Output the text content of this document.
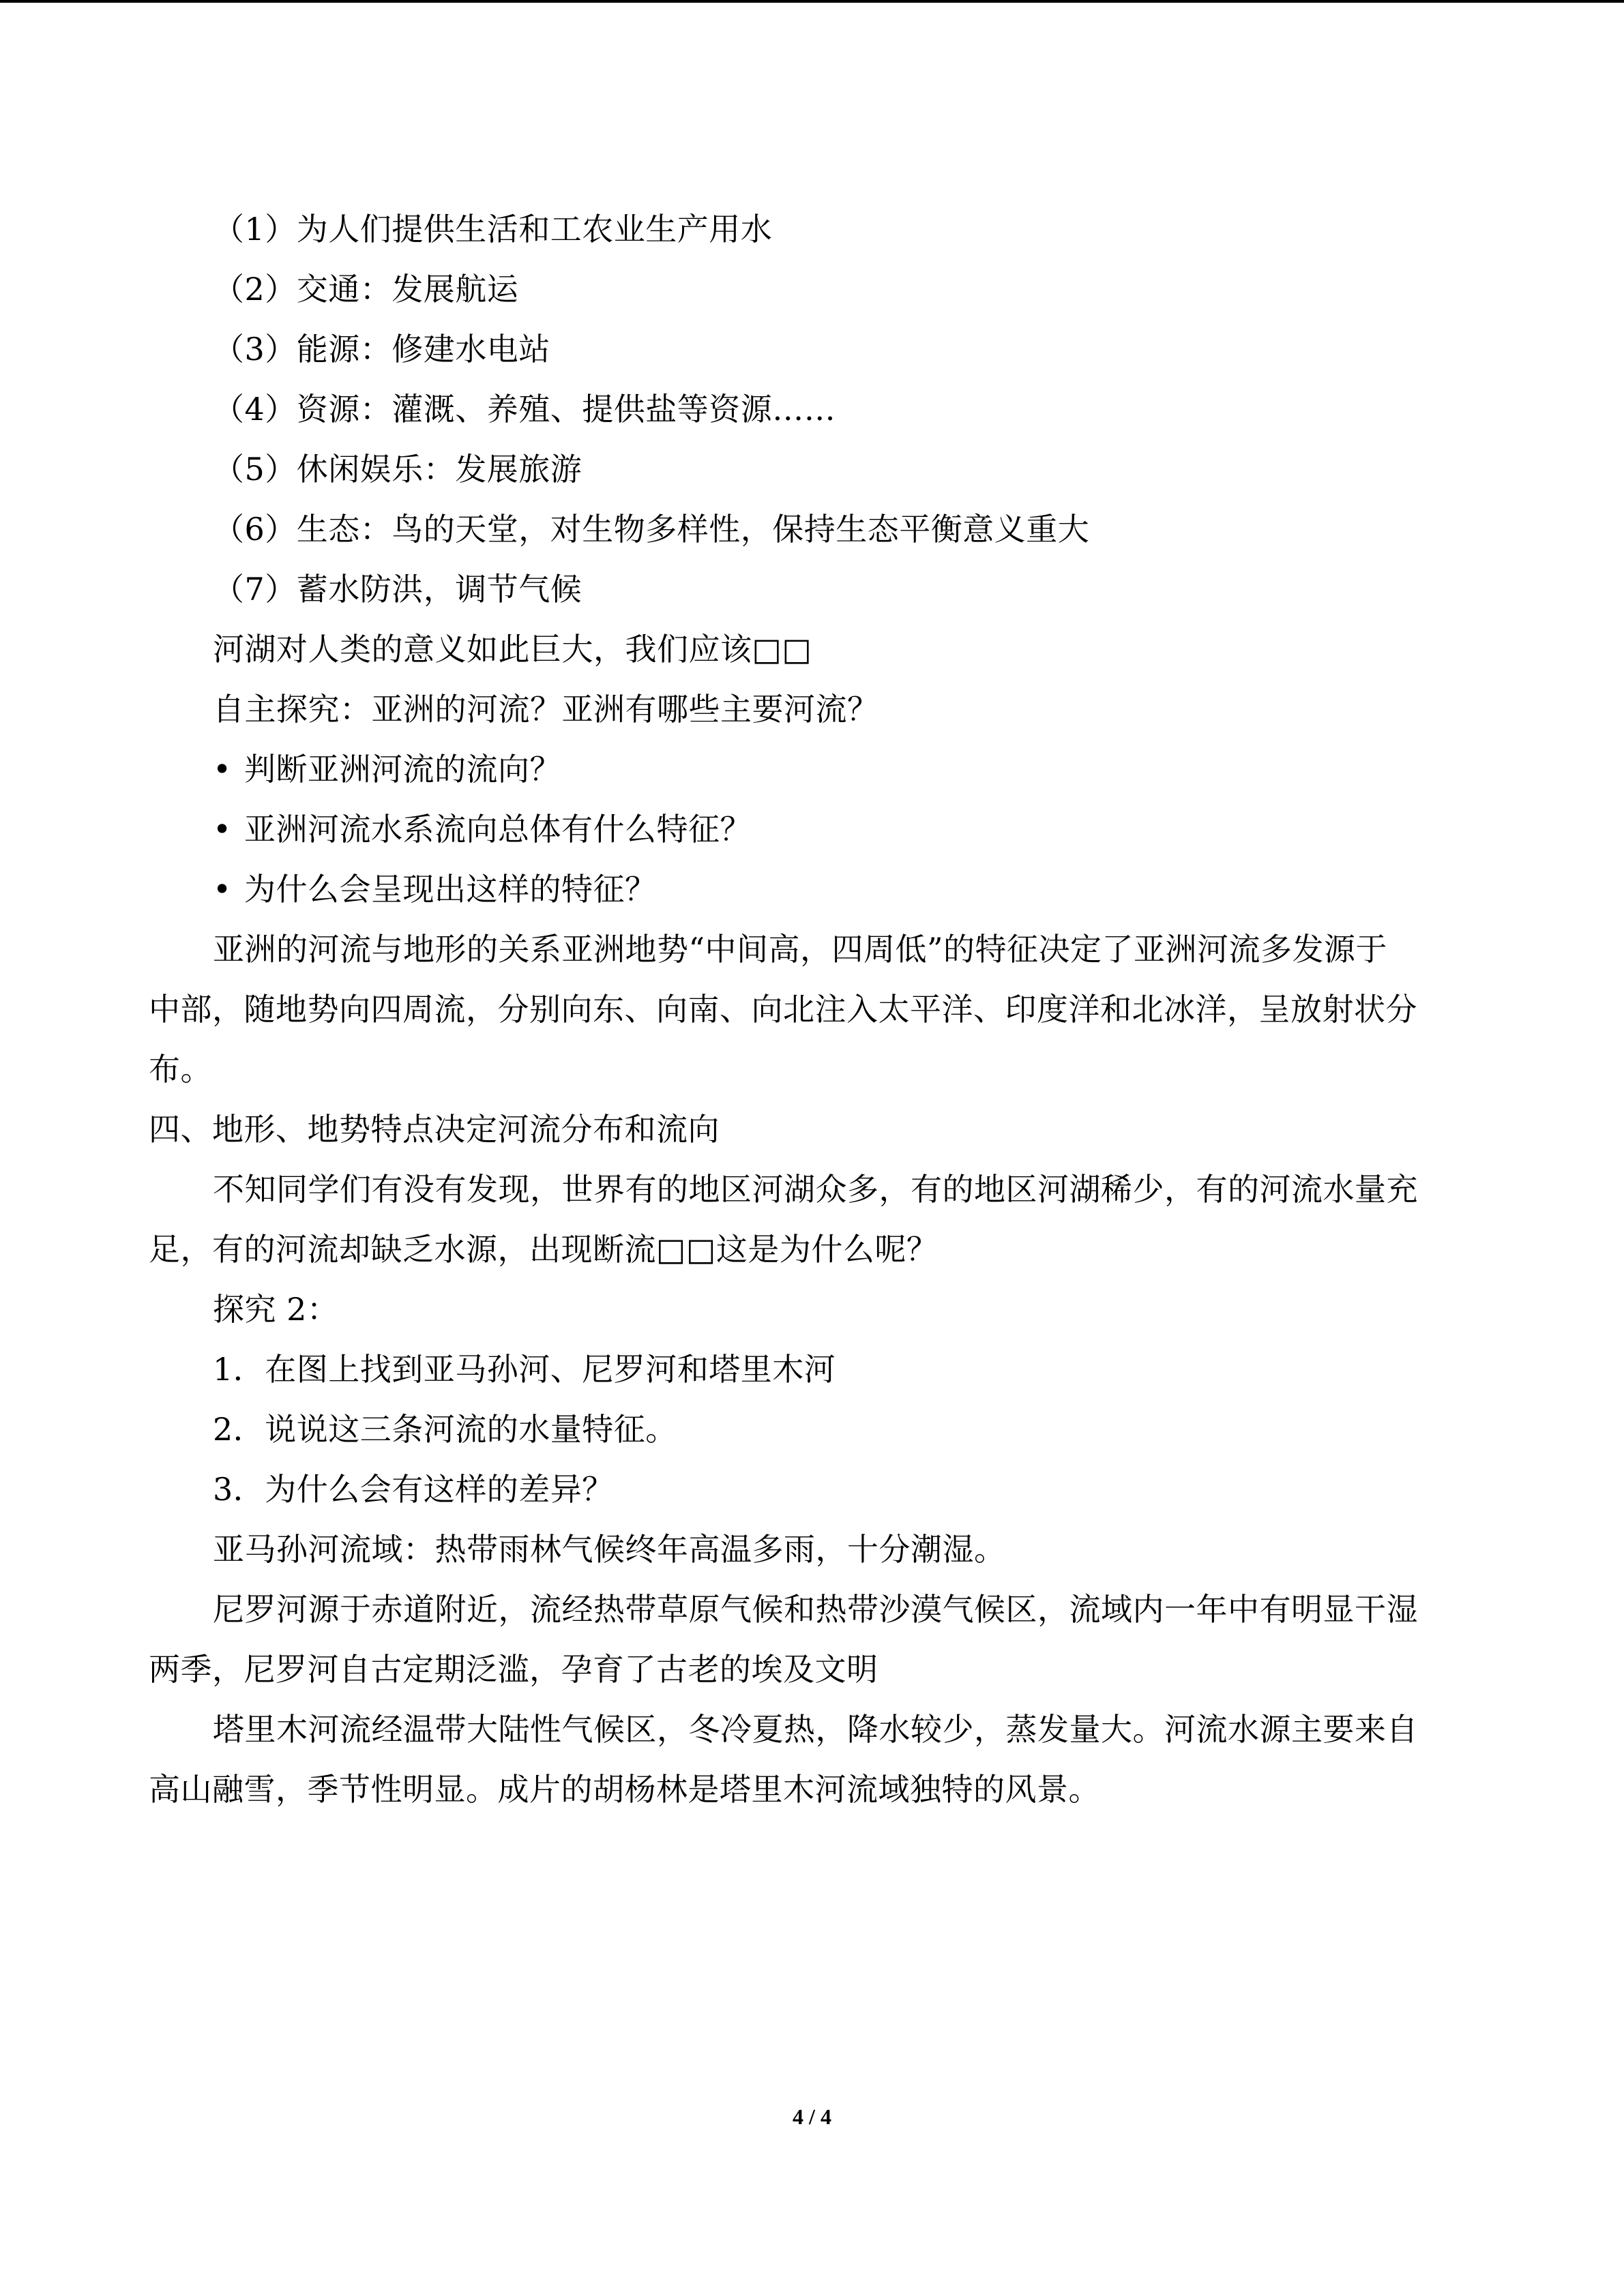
（1）为人们提供生活和工农业生产用水
（2）交通：发展航运
（3）能源：修建水电站
（4）资源：灌溉、养殖、提供盐等资源……
（5）休闲娱乐：发展旅游
（6）生态：鸟的天堂，对生物多样性，保持生态平衡意义重大
（7）蓄水防洪，调节气候
河湖对人类的意义如此巨大，我们应该□□
自主探究：亚洲的河流？亚洲有哪些主要河流？
• 判断亚洲河流的流向？
• 亚洲河流水系流向总体有什么特征？
• 为什么会呈现出这样的特征？
亚洲的河流与地形的关系亚洲地势“中间高，四周低”的特征决定了亚洲河流多发源于
中部，随地势向四周流，分别向东、向南、向北注入太平洋、印度洋和北冰洋，呈放射状分
布。
四、地形、地势特点决定河流分布和流向
不知同学们有没有发现，世界有的地区河湖众多，有的地区河湖稀少，有的河流水量充
足，有的河流却缺乏水源，出现断流□□这是为什么呢？
探究 2：
1．在图上找到亚马孙河、尼罗河和塔里木河
2．说说这三条河流的水量特征。
3．为什么会有这样的差异？
亚马孙河流域：热带雨林气候终年高温多雨，十分潮湿。
尼罗河源于赤道附近，流经热带草原气候和热带沙漠气候区，流域内一年中有明显干湿
两季，尼罗河自古定期泛滥，孕育了古老的埃及文明
塔里木河流经温带大陆性气候区，冬冷夏热，降水较少，蒸发量大。河流水源主要来自
高山融雪，季节性明显。成片的胡杨林是塔里木河流域独特的风景。
4 / 4
